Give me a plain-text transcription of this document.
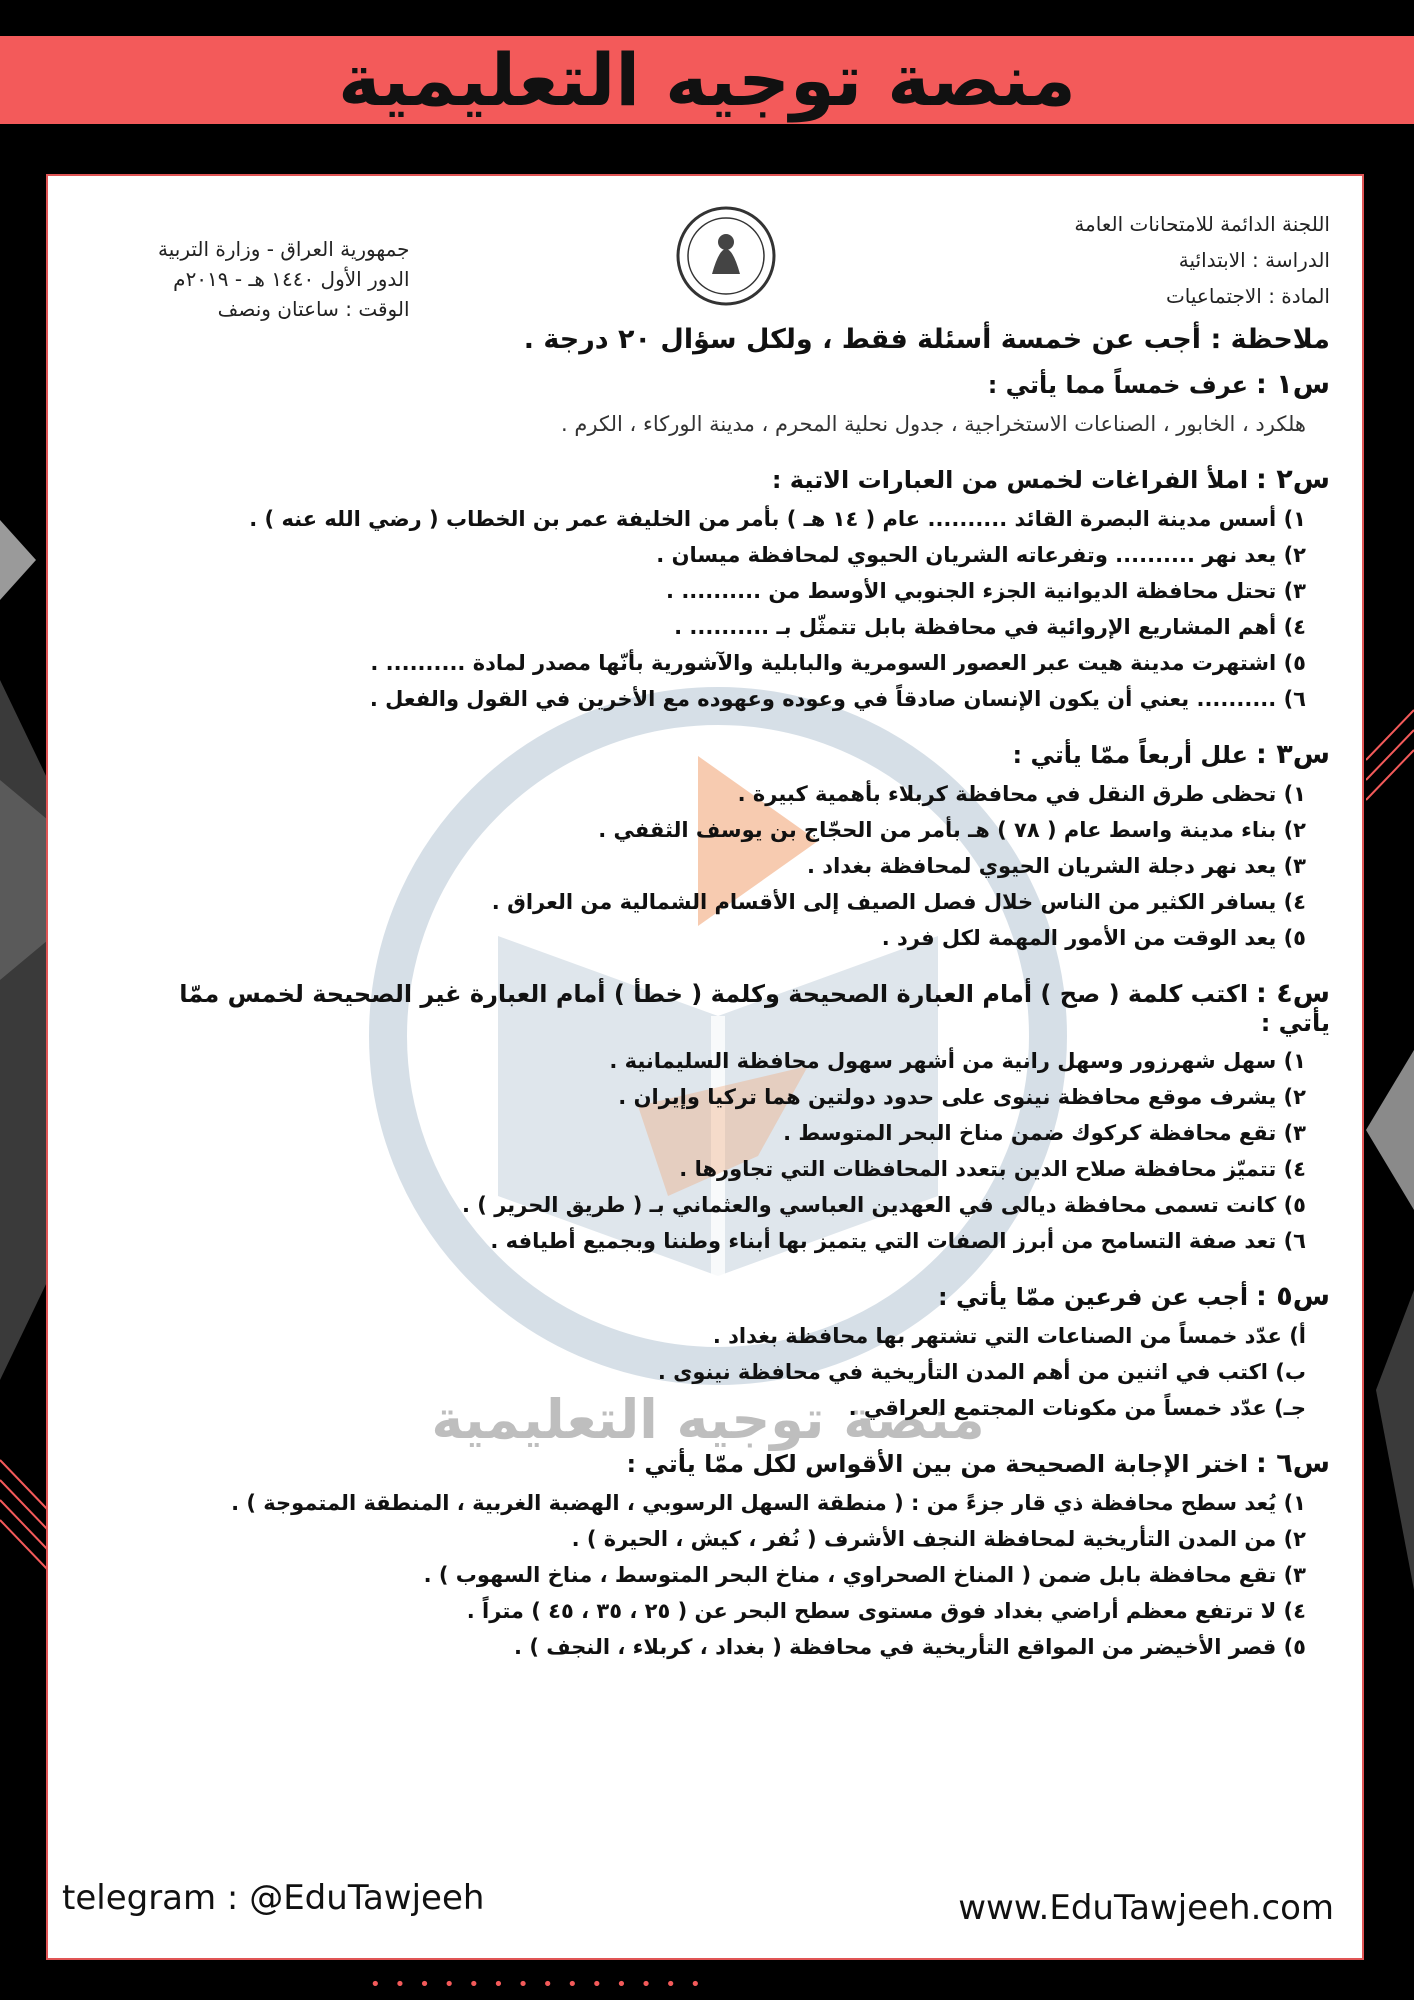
منصة توجيه التعليمية
منصة توجيه التعليمية
اللجنة الدائمة للامتحانات العامة
الدراسة : الابتدائية
المادة : الاجتماعيات
جمهورية العراق - وزارة التربية
الدور الأول ١٤٤٠ هـ - ٢٠١٩م
الوقت : ساعتان ونصف
ملاحظة : أجب عن خمسة أسئلة فقط ، ولكل سؤال ٢٠ درجة .
س١ :عرف خمساً مما يأتي :
هلكرد ، الخابور ، الصناعات الاستخراجية ، جدول نحلية المحرم ، مدينة الوركاء ، الكرم .
س٢ :املأ الفراغات لخمس من العبارات الاتية :
١) أسس مدينة البصرة القائد .......... عام ( ١٤ هـ ) بأمر من الخليفة عمر بن الخطاب ( رضي الله عنه ) .
٢) يعد نهر .......... وتفرعاته الشريان الحيوي لمحافظة ميسان .
٣) تحتل محافظة الديوانية الجزء الجنوبي الأوسط من .......... .
٤) أهم المشاريع الإروائية في محافظة بابل تتمثّل بـ .......... .
٥) اشتهرت مدينة هيت عبر العصور السومرية والبابلية والآشورية بأنّها مصدر لمادة .......... .
٦) .......... يعني أن يكون الإنسان صادقاً في وعوده وعهوده مع الأخرين في القول والفعل .
س٣ :علل أربعاً ممّا يأتي :
١) تحظى طرق النقل في محافظة كربلاء بأهمية كبيرة .
٢) بناء مدينة واسط عام ( ٧٨ ) هـ بأمر من الحجّاج بن يوسف الثقفي .
٣) يعد نهر دجلة الشريان الحيوي لمحافظة بغداد .
٤) يسافر الكثير من الناس خلال فصل الصيف إلى الأقسام الشمالية من العراق .
٥) يعد الوقت من الأمور المهمة لكل فرد .
س٤ :اكتب كلمة ( صح ) أمام العبارة الصحيحة وكلمة ( خطأ ) أمام العبارة غير الصحيحة لخمس ممّا يأتي :
١) سهل شهرزور وسهل رانية من أشهر سهول محافظة السليمانية .
٢) يشرف موقع محافظة نينوى على حدود دولتين هما تركيا وإيران .
٣) تقع محافظة كركوك ضمن مناخ البحر المتوسط .
٤) تتميّز محافظة صلاح الدين بتعدد المحافظات التي تجاورها .
٥) كانت تسمى محافظة ديالى في العهدين العباسي والعثماني بـ ( طريق الحرير ) .
٦) تعد صفة التسامح من أبرز الصفات التي يتميز بها أبناء وطننا وبجميع أطيافه .
س٥ :أجب عن فرعين ممّا يأتي :
أ) عدّد خمساً من الصناعات التي تشتهر بها محافظة بغداد .
ب) اكتب في اثنين من أهم المدن التأريخية في محافظة نينوى .
جـ) عدّد خمساً من مكونات المجتمع العراقي .
س٦ :اختر الإجابة الصحيحة من بين الأقواس لكل ممّا يأتي :
١) يُعد سطح محافظة ذي قار جزءً من : ( منطقة السهل الرسوبي ، الهضبة الغربية ، المنطقة المتموجة ) .
٢) من المدن التأريخية لمحافظة النجف الأشرف ( نُفر ، كيش ، الحيرة ) .
٣) تقع محافظة بابل ضمن ( المناخ الصحراوي ، مناخ البحر المتوسط ، مناخ السهوب ) .
٤) لا ترتفع معظم أراضي بغداد فوق مستوى سطح البحر عن ( ٢٥ ، ٣٥ ، ٤٥ ) متراً .
٥) قصر الأخيضر من المواقع التأريخية في محافظة ( بغداد ، كربلاء ، النجف ) .
telegram : @EduTawjeeh	www.EduTawjeeh.com
••••••••••••••
